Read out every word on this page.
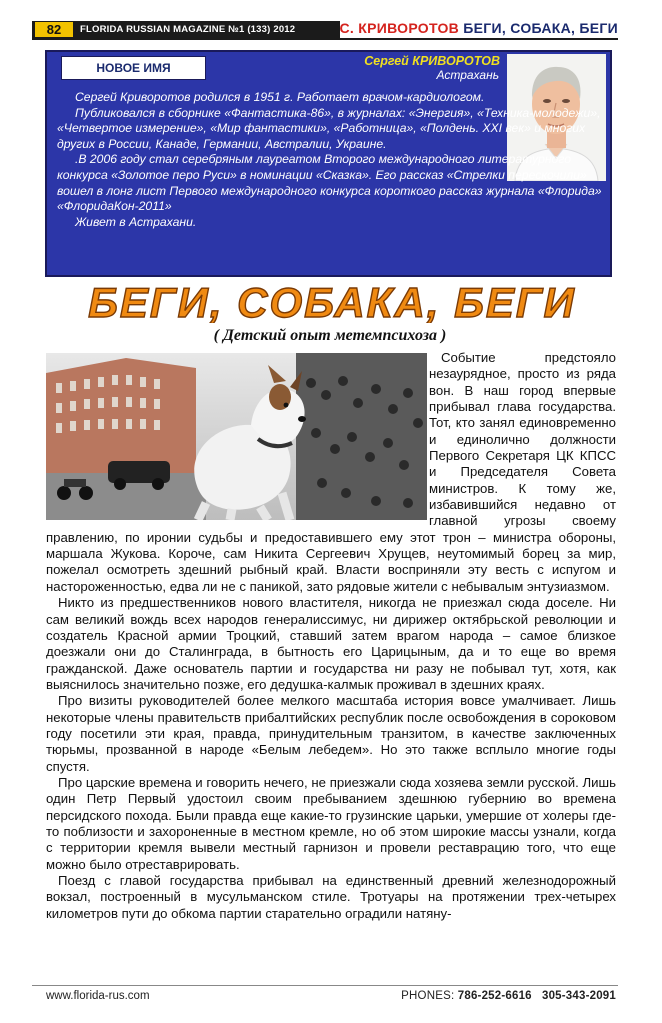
82	FLORIDA RUSSIAN MAGAZINE №1 (133) 2012	С. КРИВОРОТОВ БЕГИ, СОБАКА, БЕГИ
НОВОЕ ИМЯ	Сергей КРИВОРОТОВ
Астрахань

Сергей Криворотов родился в 1951 г. Работает врачом-кардиологом.

Публиковался в сборнике «Фантастика-86», в журналах: «Энергия», «Техника-молодежи», «Четвертое измерение», «Мир фантастики», «Работница», «Полдень. XXI век» и многих других в России, Канаде, Германии, Австралии, Украине.

.В 2006 году стал серебряным лауреатом Второго международного литературного конкурса «Золотое перо Руси» в номинации «Сказка». Его рассказ «Стрелки перескочили» вошел в лонг лист Первого международного конкурса короткого рассказ журнала «Флорида» «ФлоридаКон-2011»

Живет в Астрахани.

БЕГИ, СОБАКА, БЕГИ
( Детский опыт метемпсихоза )

Событие предстояло незаурядное, просто из ряда вон. В наш город впервые прибывал глава государства. Тот, кто занял единовременно и единолично должности Первого Секретаря ЦК КПСС и Председателя Совета министров. К тому же, избавившийся недавно от главной угрозы своему правлению, по иронии судьбы и предоставившего ему этот трон – министра обороны, маршала Жукова. Короче, сам Никита Сергеевич Хрущев, неутомимый борец за мир, пожелал осмотреть здешний рыбный край. Власти восприняли эту весть с испугом и настороженностью, едва ли не с паникой, зато рядовые жители с небывалым энтузиазмом.

Никто из предшественников нового властителя, никогда не приезжал сюда доселе. Ни сам великий вождь всех народов генералиссимус, ни дирижер октябрьской революции и создатель Красной армии Троцкий, ставший затем врагом народа – самое близкое доезжали они до Сталинграда, в бытность его Царицыным, да и то еще во время гражданской. Даже основатель партии и государства ни разу не побывал тут, хотя, как выяснилось значительно позже, его дедушка-калмык проживал в здешних краях.

Про визиты руководителей более мелкого масштаба история вовсе умалчивает. Лишь некоторые члены правительств прибалтийских республик после освобождения в сороковом году посетили эти края, правда, принудительным транзитом, в качестве заключенных тюрьмы, прозванной в народе «Белым лебедем». Но это также всплыло многие годы спустя.

Про царские времена и говорить нечего, не приезжали сюда хозяева земли русской. Лишь один Петр Первый удостоил своим пребыванием здешнюю губернию во времена персидского похода. Были правда еще какие-то грузинские царьки, умершие от холеры где-то поблизости и захороненные в местном кремле, но об этом широкие массы узнали, когда с территории кремля вывели местный гарнизон и провели реставрацию того, что еще можно было отреставрировать.

Поезд с главой государства прибывал на единственный древний железнодорожный вокзал, построенный в мусульманском стиле. Тротуары на протяжении трех-четырех километров пути до обкома партии старательно оградили натяну-

www.florida-rus.com	PHONES: 786-252-6616 305-343-2091
